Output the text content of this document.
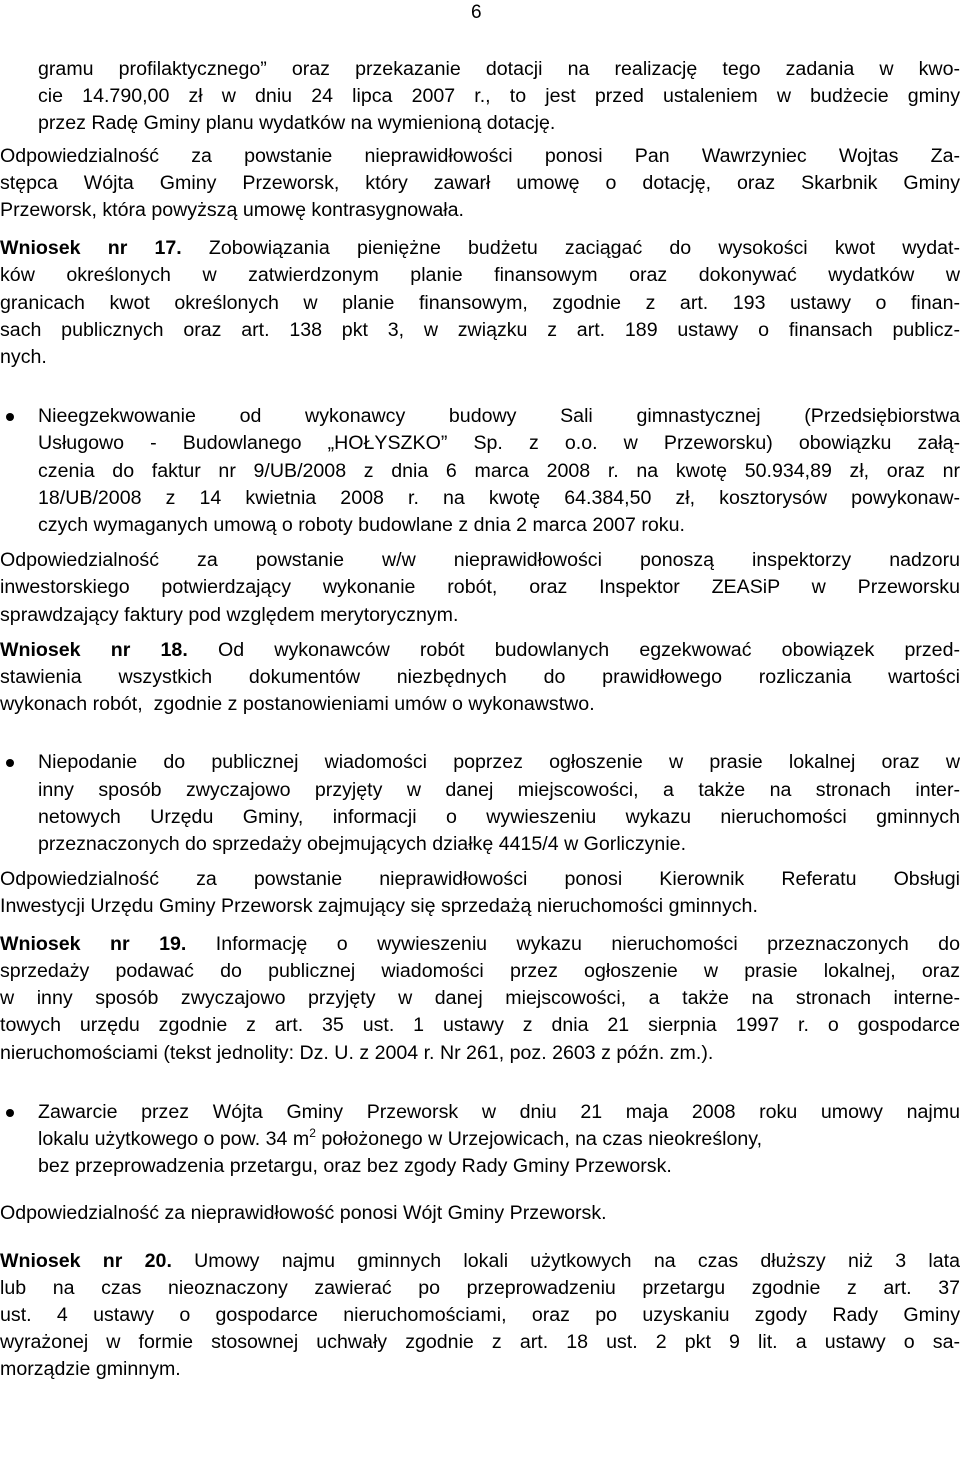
6
gramu profilaktycznego” oraz przekazanie dotacji na realizację tego zadania w kwo-
cie 14.790,00 zł w dniu 24 lipca 2007 r., to jest przed ustaleniem w budżecie gminy
przez Radę Gminy planu wydatków na wymienioną dotację.
Odpowiedzialność za powstanie nieprawidłowości ponosi Pan Wawrzyniec Wojtas Za-
stępca Wójta Gminy Przeworsk, który zawarł umowę o dotację, oraz Skarbnik Gminy
Przeworsk, która powyższą umowę kontrasygnowała.
Wniosek nr 17. Zobowiązania pieniężne budżetu zaciągać do wysokości kwot wydat-
ków określonych w zatwierdzonym planie finansowym oraz dokonywać wydatków w
granicach kwot określonych w planie finansowym, zgodnie z art. 193 ustawy o finan-
sach publicznych oraz art. 138 pkt 3, w związku z art. 189 ustawy o finansach publicz-
nych.
Nieegzekwowanie od wykonawcy budowy Sali gimnastycznej (Przedsiębiorstwa
Usługowo - Budowlanego „HOŁYSZKO” Sp. z o.o. w Przeworsku) obowiązku załą-
czenia do faktur nr 9/UB/2008 z dnia 6 marca 2008 r. na kwotę 50.934,89 zł, oraz nr
18/UB/2008 z 14 kwietnia 2008 r. na kwotę 64.384,50 zł, kosztorysów powykonaw-
czych wymaganych umową o roboty budowlane z dnia 2 marca 2007 roku.
Odpowiedzialność za powstanie w/w nieprawidłowości ponoszą inspektorzy nadzoru
inwestorskiego potwierdzający wykonanie robót, oraz Inspektor ZEASiP w Przeworsku
sprawdzający faktury pod względem merytorycznym.
Wniosek nr 18. Od wykonawców robót budowlanych egzekwować obowiązek przed-
stawienia wszystkich dokumentów niezbędnych do prawidłowego rozliczania wartości
wykonach robót,  zgodnie z postanowieniami umów o wykonawstwo.
Niepodanie do publicznej wiadomości poprzez ogłoszenie w prasie lokalnej oraz w
inny sposób zwyczajowo przyjęty w danej miejscowości, a także na stronach inter-
netowych Urzędu Gminy, informacji o wywieszeniu wykazu nieruchomości gminnych
przeznaczonych do sprzedaży obejmujących działkę 4415/4 w Gorliczynie.
Odpowiedzialność za powstanie nieprawidłowości ponosi Kierownik Referatu Obsługi
Inwestycji Urzędu Gminy Przeworsk zajmujący się sprzedażą nieruchomości gminnych.
Wniosek nr 19. Informację o wywieszeniu wykazu nieruchomości przeznaczonych do
sprzedaży podawać do publicznej wiadomości przez ogłoszenie w prasie lokalnej, oraz
w inny sposób zwyczajowo przyjęty w danej miejscowości, a także na stronach interne-
towych urzędu zgodnie z art. 35 ust. 1 ustawy z dnia 21 sierpnia 1997 r. o gospodarce
nieruchomościami (tekst jednolity: Dz. U. z 2004 r. Nr 261, poz. 2603 z późn. zm.).
Zawarcie przez Wójta Gminy Przeworsk w dniu 21 maja 2008 roku umowy najmu
lokalu użytkowego o pow. 34 $m^2$ położonego w Urzejowicach, na czas nieokreślony,
bez przeprowadzenia przetargu, oraz bez zgody Rady Gminy Przeworsk.
Odpowiedzialność za nieprawidłowość ponosi Wójt Gminy Przeworsk.
Wniosek nr 20. Umowy najmu gminnych lokali użytkowych na czas dłuższy niż 3 lata
lub na czas nieoznaczony zawierać po przeprowadzeniu przetargu zgodnie z art. 37
ust. 4 ustawy o gospodarce nieruchomościami, oraz po uzyskaniu zgody Rady Gminy
wyrażonej w formie stosownej uchwały zgodnie z art. 18 ust. 2 pkt 9 lit. a ustawy o sa-
morządzie gminnym.
